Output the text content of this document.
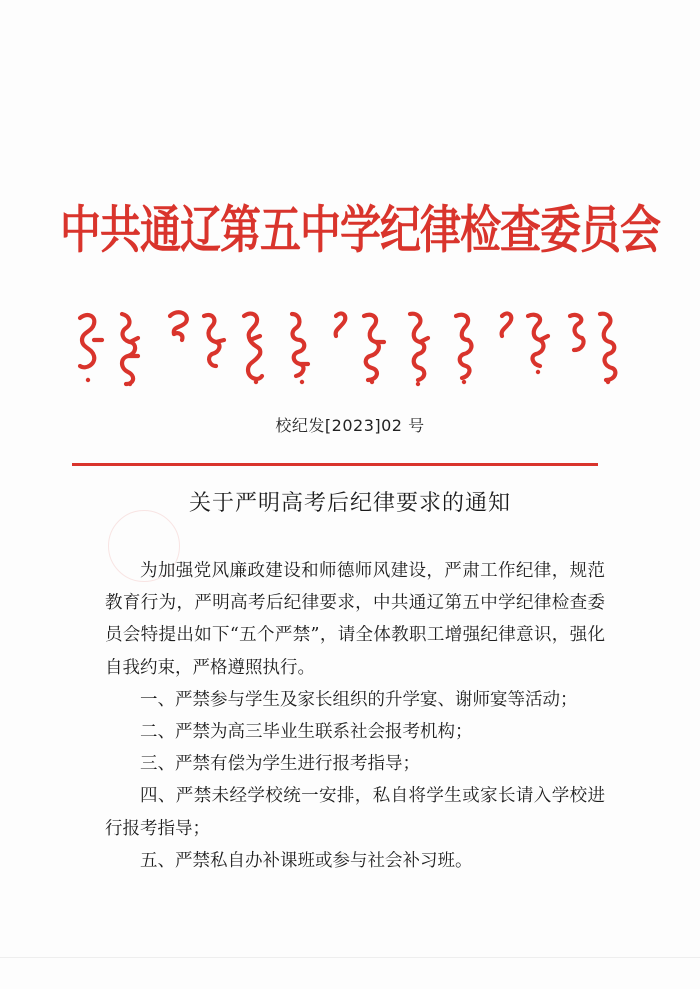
中共通辽第五中学纪律检查委员会
校纪发[2023]02 号
关于严明高考后纪律要求的通知

为加强党风廉政建设和师德师风建设，严肃工作纪律，规范教育行为，严明高考后纪律要求，中共通辽第五中学纪律检查委员会特提出如下“五个严禁”，请全体教职工增强纪律意识，强化自我约束，严格遵照执行。

一、严禁参与学生及家长组织的升学宴、谢师宴等活动；

二、严禁为高三毕业生联系社会报考机构；

三、严禁有偿为学生进行报考指导；

四、严禁未经学校统一安排，私自将学生或家长请入学校进行报考指导；

五、严禁私自办补课班或参与社会补习班。
